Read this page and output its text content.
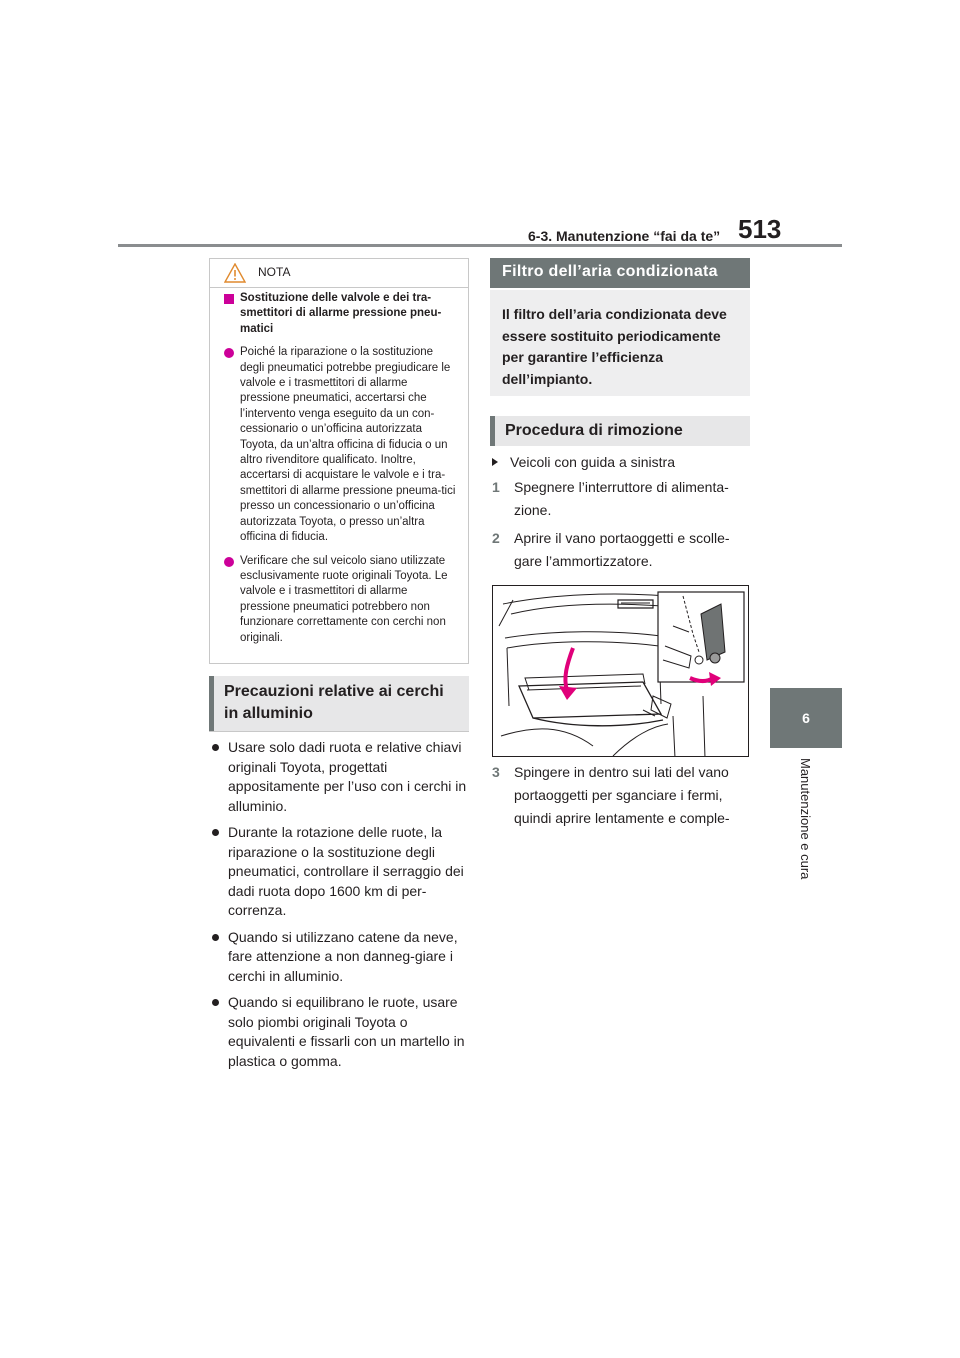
6-3. Manutenzione “fai da te” 513
6
Manutenzione e cura
NOTA
Sostituzione delle valvole e dei tra-smettitori di allarme pressione pneu-matici
Poiché la riparazione o la sostituzione degli pneumatici potrebbe pregiudicare le valvole e i trasmettitori di allarme pressione pneumatici, accertarsi che l’intervento venga eseguito da un con-cessionario o un’officina autorizzata Toyota, da un’altra officina di fiducia o un altro rivenditore qualificato. Inoltre, accertarsi di acquistare le valvole e i tra-smettitori di allarme pressione pneuma-tici presso un concessionario o un’officina autorizzata Toyota, o presso un’altra officina di fiducia.
Verificare che sul veicolo siano utilizzate esclusivamente ruote originali Toyota. Le valvole e i trasmettitori di allarme pressione pneumatici potrebbero non funzionare correttamente con cerchi non originali.
Precauzioni relative ai cerchi in alluminio
Usare solo dadi ruota e relative chiavi originali Toyota, progettati appositamente per l’uso con i cerchi in alluminio.
Durante la rotazione delle ruote, la riparazione o la sostituzione degli pneumatici, controllare il serraggio dei dadi ruota dopo 1600 km di per-correnza.
Quando si utilizzano catene da neve, fare attenzione a non danneg-giare i cerchi in alluminio.
Quando si equilibrano le ruote, usare solo piombi originali Toyota o equivalenti e fissarli con un martello in plastica o gomma.
Filtro dell’aria condizionata
Il filtro dell’aria condizionata deve essere sostituito periodicamente per garantire l’efficienza dell’impianto.
Procedura di rimozione
Veicoli con guida a sinistra
1 Spegnere l’interruttore di alimenta-zione.
2 Aprire il vano portaoggetti e scolle-gare l’ammortizzatore.
3 Spingere in dentro sui lati del vano portaoggetti per sganciare i fermi, quindi aprire lentamente e comple-
